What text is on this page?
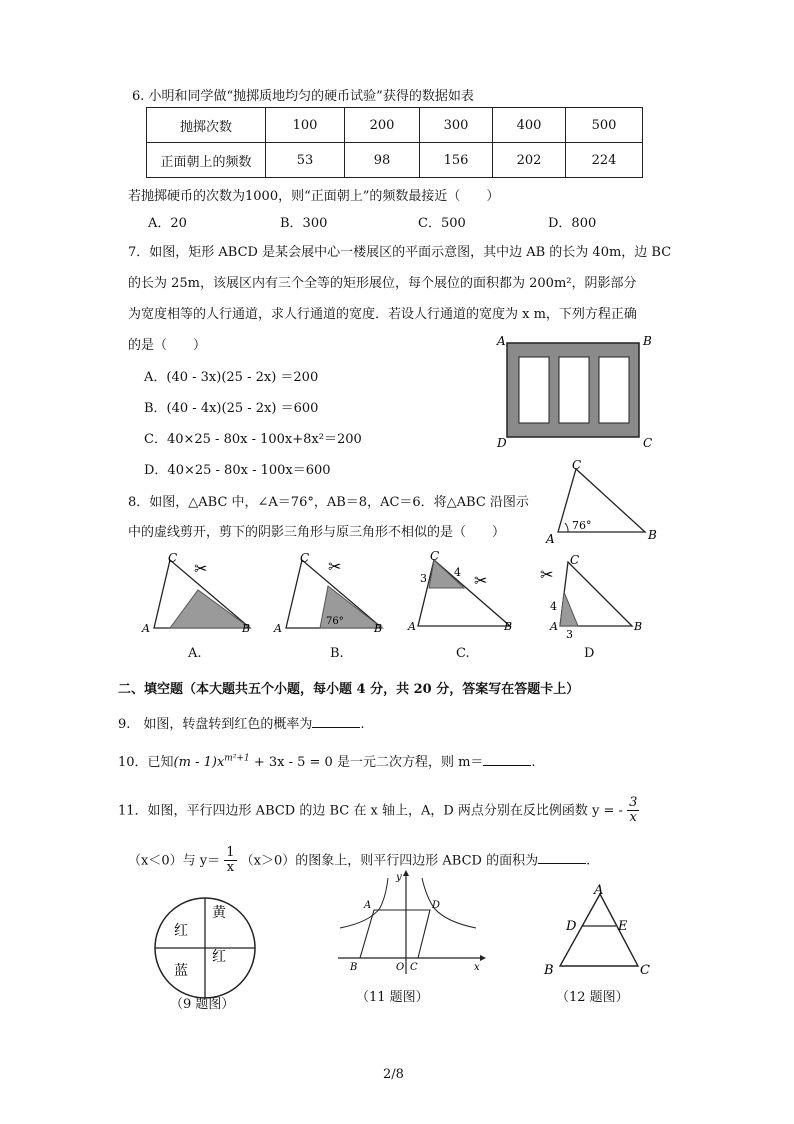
6. 小明和同学做“抛掷质地均匀的硬币试验”获得的数据如表
抛掷次数	100	200	300	400	500
正面朝上的频数	53	98	156	202	224
若抛掷硬币的次数为1000，则“正面朝上”的频数最接近（　　）
A．20	B．300	C．500	D．800
7．如图，矩形 ABCD 是某会展中心一楼展区的平面示意图，其中边 AB 的长为 40m，边 BC
的长为 25m，该展区内有三个全等的矩形展位，每个展位的面积都为 200m²，阴影部分
为宽度相等的人行通道，求人行通道的宽度．若设人行通道的宽度为 x m，下列方程正确
的是（　　）
A．(40 - 3x)(25 - 2x) ＝200
B．(40 - 4x)(25 - 2x) ＝600
C．40×25 - 80x - 100x+8x²＝200
D．40×25 - 80x - 100x＝600
A	B
D	C
8．如图，△ABC 中，∠A＝76°，AB＝8，AC＝6．将△ABC 沿图示
中的虚线剪开，剪下的阴影三角形与原三角形不相似的是（　　）
C
A	B
76°
C
A	B
✂
A.
76°
C
A	B
✂
B.
3 4
C
A	B
✂
C.
4
3
C
A	B
✂
D
二、填空题（本大题共五个小题，每小题 4 分，共 20 分，答案写在答题卡上）
9.　如图，转盘转到红色的概率为	.
10．已知$(m - 1)x^{m^2+1} + 3x - 5 = 0$ 是一元二次方程，则 m＝	.
11．如图，平行四边形 ABCD 的边 BC 在 x 轴上，A，D 两点分别在反比例函数 y = - $\frac{3}{x}$
（x＜0）与 $y= \frac{1}{x} (x>0)$的图象上，则平行四边形 ABCD 的面积为	.
红
黄
蓝
红
（9 题图）
y
A	D
B	O C	x
（11 题图）
A
D	E
B	C
（12 题图）
2/8
